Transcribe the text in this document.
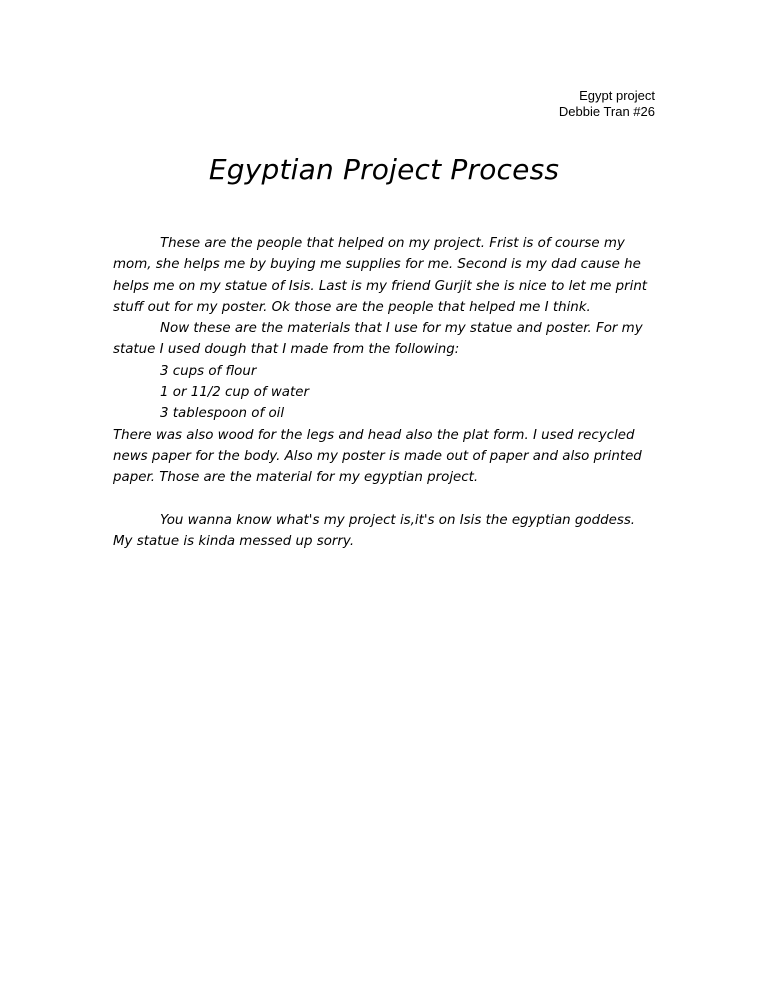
Egypt project
Debbie Tran #26
Egyptian Project Process

These are the people that helped on my project. Frist is of course my mom, she helps me by buying me supplies for me. Second is my dad cause he helps me on my statue of Isis. Last is my friend Gurjit she is nice to let me print stuff out for my poster. Ok those are the people that helped me I think.

Now these are the materials that I use for my statue and poster. For my statue I used dough that I made from the following:

3 cups of flour

1 or 11/2 cup of water

3 tablespoon of oil

There was also wood for the legs and head also the plat form. I used recycled news paper for the body. Also my poster is made out of paper and also printed paper. Those are the material for my egyptian project.

You wanna know what's my project is,it's on Isis the egyptian goddess. My statue is kinda messed up sorry.
